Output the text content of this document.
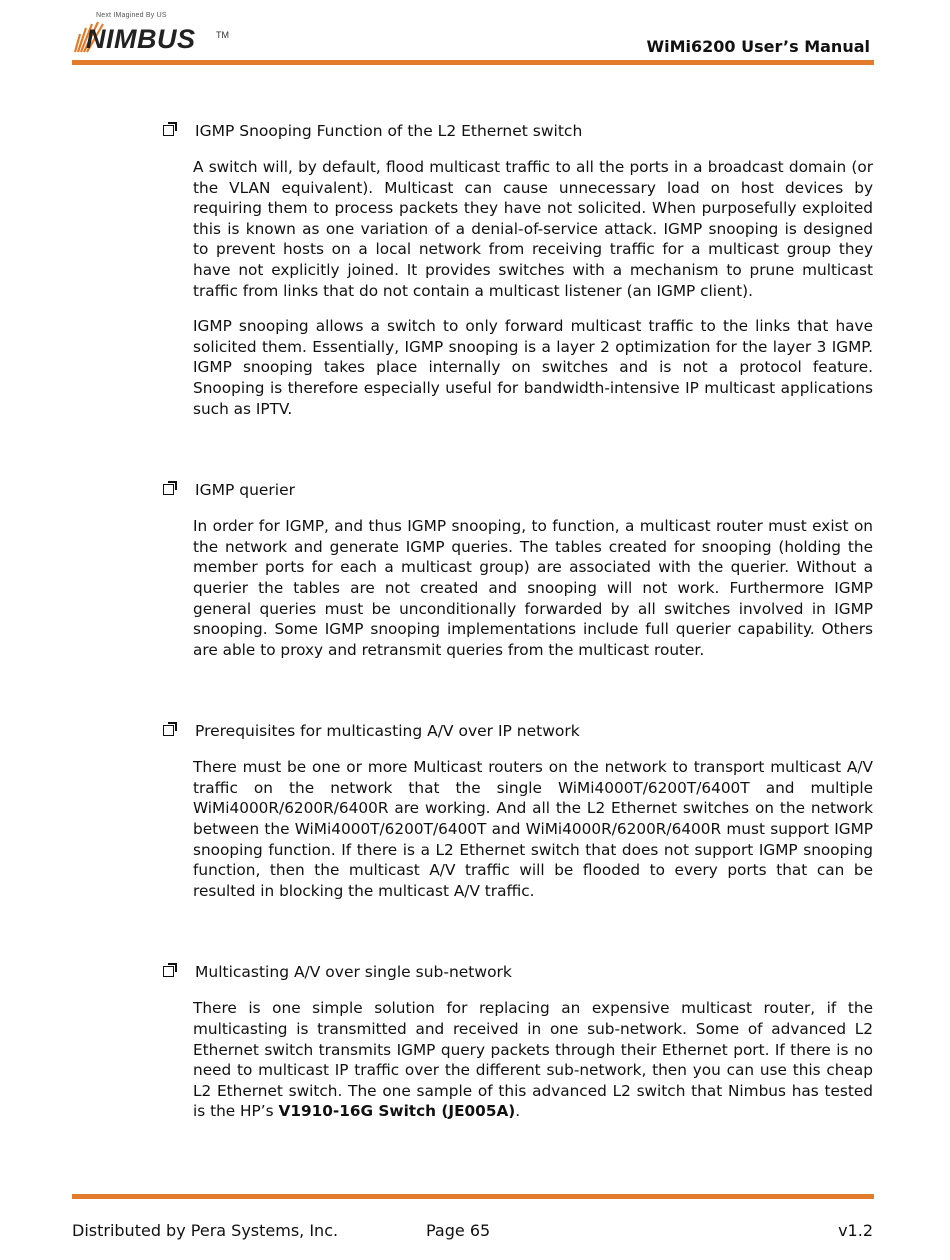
Next IMagined By US
NIMBUS TM
WiMi6200 User’s Manual
IGMP Snooping Function of the L2 Ethernet switch

A switch will, by default, flood multicast traffic to all the ports in a broadcast domain (or the VLAN equivalent). Multicast can cause unnecessary load on host devices by requiring them to process packets they have not solicited. When purposefully exploited this is known as one variation of a denial-of-service attack. IGMP snooping is designed to prevent hosts on a local network from receiving traffic for a multicast group they have not explicitly joined. It provides switches with a mechanism to prune multicast traffic from links that do not contain a multicast listener (an IGMP client).

IGMP snooping allows a switch to only forward multicast traffic to the links that have solicited them. Essentially, IGMP snooping is a layer 2 optimization for the layer 3 IGMP. IGMP snooping takes place internally on switches and is not a protocol feature. Snooping is therefore especially useful for bandwidth-intensive IP multicast applications such as IPTV.

IGMP querier

In order for IGMP, and thus IGMP snooping, to function, a multicast router must exist on the network and generate IGMP queries. The tables created for snooping (holding the member ports for each a multicast group) are associated with the querier. Without a querier the tables are not created and snooping will not work. Furthermore IGMP general queries must be unconditionally forwarded by all switches involved in IGMP snooping. Some IGMP snooping implementations include full querier capability. Others are able to proxy and retransmit queries from the multicast router.

Prerequisites for multicasting A/V over IP network

There must be one or more Multicast routers on the network to transport multicast A/V traffic on the network that the single WiMi4000T/6200T/6400T and multiple WiMi4000R/6200R/6400R are working. And all the L2 Ethernet switches on the network between the WiMi4000T/6200T/6400T and WiMi4000R/6200R/6400R must support IGMP snooping function. If there is a L2 Ethernet switch that does not support IGMP snooping function, then the multicast A/V traffic will be flooded to every ports that can be resulted in blocking the multicast A/V traffic.

Multicasting A/V over single sub-network

There is one simple solution for replacing an expensive multicast router, if the multicasting is transmitted and received in one sub-network. Some of advanced L2 Ethernet switch transmits IGMP query packets through their Ethernet port. If there is no need to multicast IP traffic over the different sub-network, then you can use this cheap L2 Ethernet switch. The one sample of this advanced L2 switch that Nimbus has tested is the HP’s V1910-16G Switch (JE005A).

Distributed by Pera Systems, Inc.	Page 65	v1.2
